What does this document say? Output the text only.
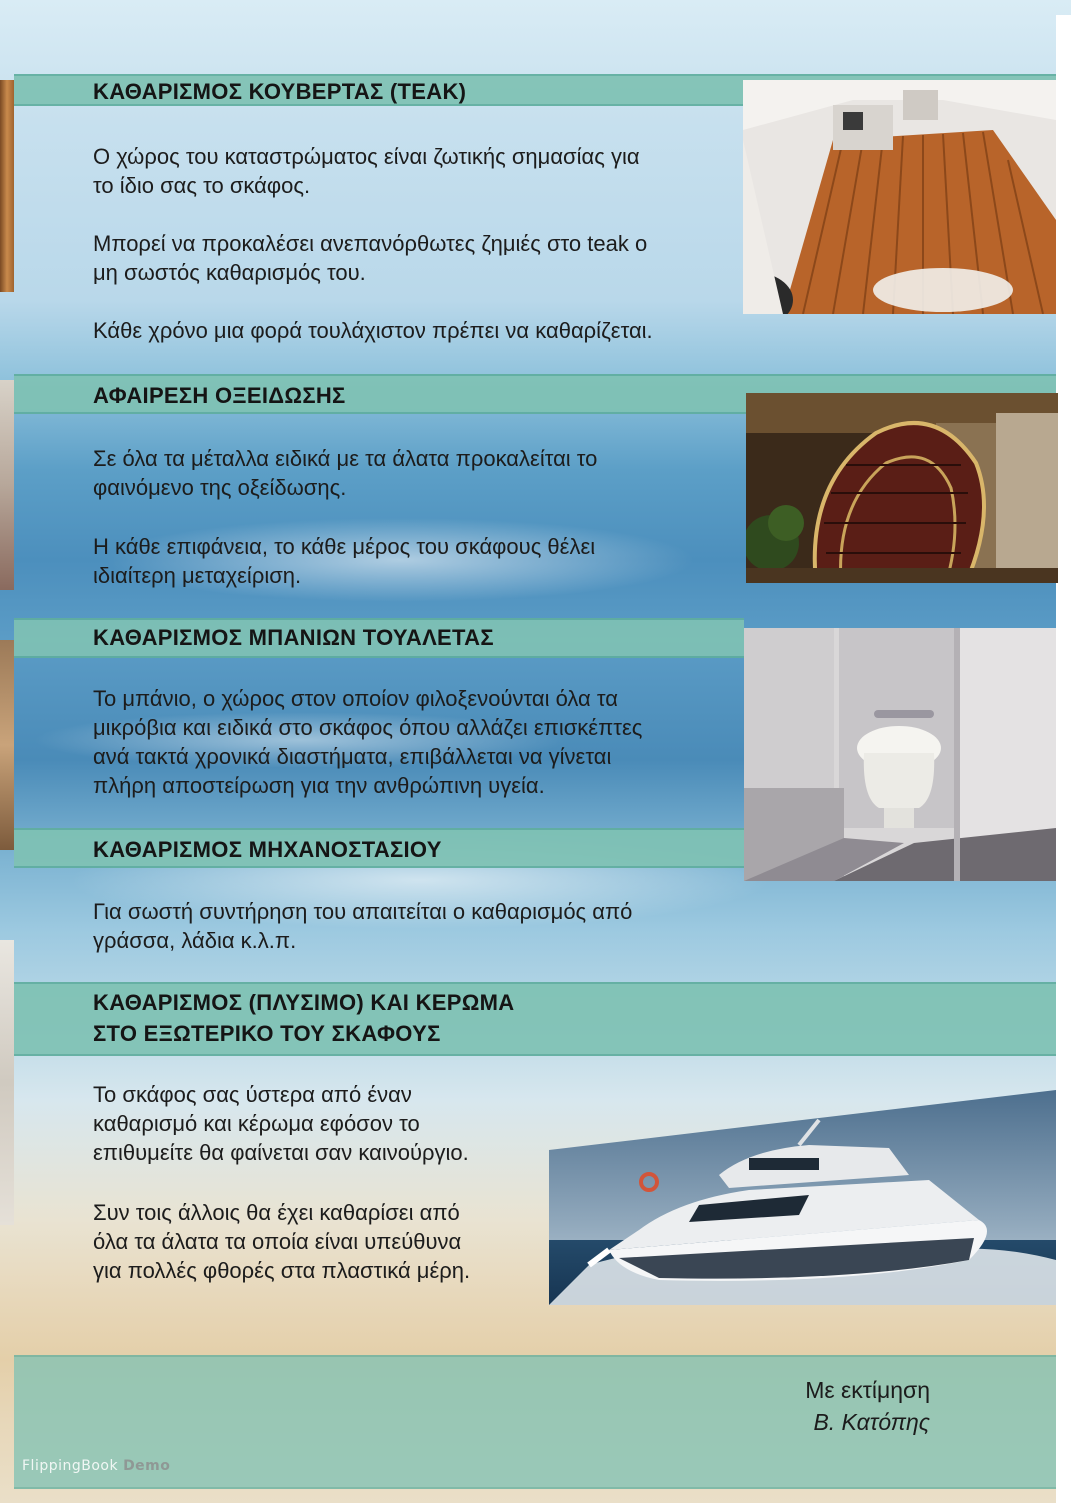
ΚΑΘΑΡΙΣΜΟΣ ΚΟΥΒΕΡΤΑΣ (TEAK)

Ο χώρος του καταστρώματος είναι ζωτικής σημασίας για
το ίδιο σας το σκάφος.

Μπορεί να προκαλέσει ανεπανόρθωτες ζημιές στο teak ο
μη σωστός καθαρισμός του.

Κάθε χρόνο μια φορά τουλάχιστον πρέπει να καθαρίζεται.

ΑΦΑΙΡΕΣΗ ΟΞΕΙΔΩΣΗΣ

Σε όλα τα μέταλλα ειδικά με τα άλατα προκαλείται το
φαινόμενο της οξείδωσης.

Η κάθε επιφάνεια, το κάθε μέρος του σκάφους θέλει
ιδιαίτερη μεταχείριση.

ΚΑΘΑΡΙΣΜΟΣ ΜΠΑΝΙΩΝ ΤΟΥΑΛΕΤΑΣ

Το μπάνιο, ο χώρος στον οποίον φιλοξενούνται όλα τα
μικρόβια και ειδικά στο σκάφος όπου αλλάζει επισκέπτες
ανά τακτά χρονικά διαστήματα, επιβάλλεται να γίνεται
πλήρη αποστείρωση για την ανθρώπινη υγεία.

ΚΑΘΑΡΙΣΜΟΣ ΜΗΧΑΝΟΣΤΑΣΙΟΥ

Για σωστή συντήρηση του απαιτείται ο καθαρισμός από
γράσσα, λάδια κ.λ.π.

ΚΑΘΑΡΙΣΜΟΣ (ΠΛΥΣΙΜΟ) ΚΑΙ ΚΕΡΩΜΑ
ΣΤΟ ΕΞΩΤΕΡΙΚΟ ΤΟΥ ΣΚΑΦΟΥΣ

Το σκάφος σας ύστερα από έναν
καθαρισμό και κέρωμα εφόσον το
επιθυμείτε θα φαίνεται σαν καινούργιο.

Συν τοις άλλοις θα έχει καθαρίσει από
όλα τα άλατα τα οποία είναι υπεύθυνα
για πολλές φθορές στα πλαστικά μέρη.

Με εκτίμηση
Β. Κατόπης
FlippingBook Demo
